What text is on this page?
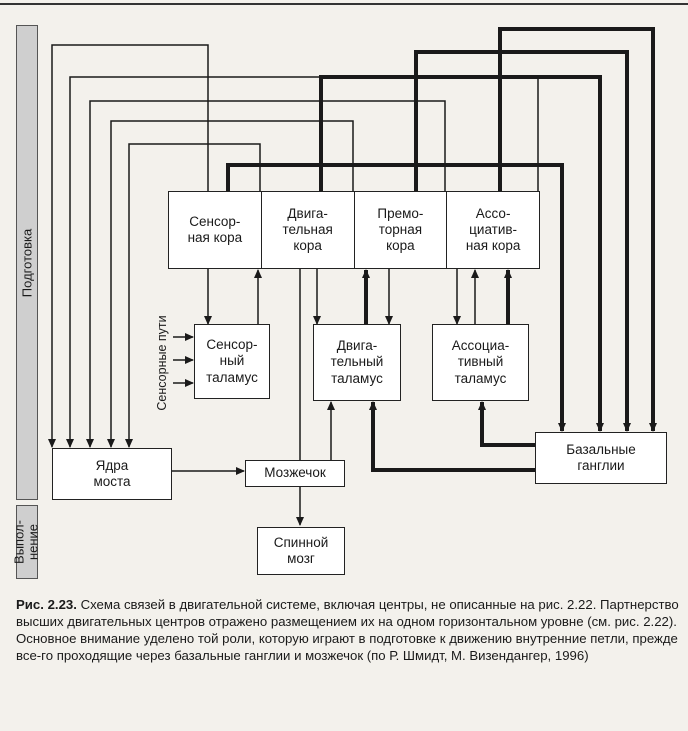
Подготовка
Выпол-
нение
Сенсор-
ная кора
Двига-
тельная
кора
Премо-
торная
кора
Ассо-
циатив-
ная кора
Сенсор-
ный
таламус
Двига-
тельный
таламус
Ассоциа-
тивный
таламус
Сенсорные пути
Ядра
моста
Мозжечок
Спинной
мозг
Базальные
ганглии
Рис. 2.23. Схема связей в двигательной системе, включая центры, не описанные на рис. 2.22. Партнерство высших двигательных центров отражено размещением их на одном горизонтальном уровне (см. рис. 2.22). Основное внимание уделено той роли, которую играют в подготовке к движению внутренние петли, прежде все-го проходящие через базальные ганглии и мозжечок (по Р. Шмидт, М. Визендангер, 1996)
